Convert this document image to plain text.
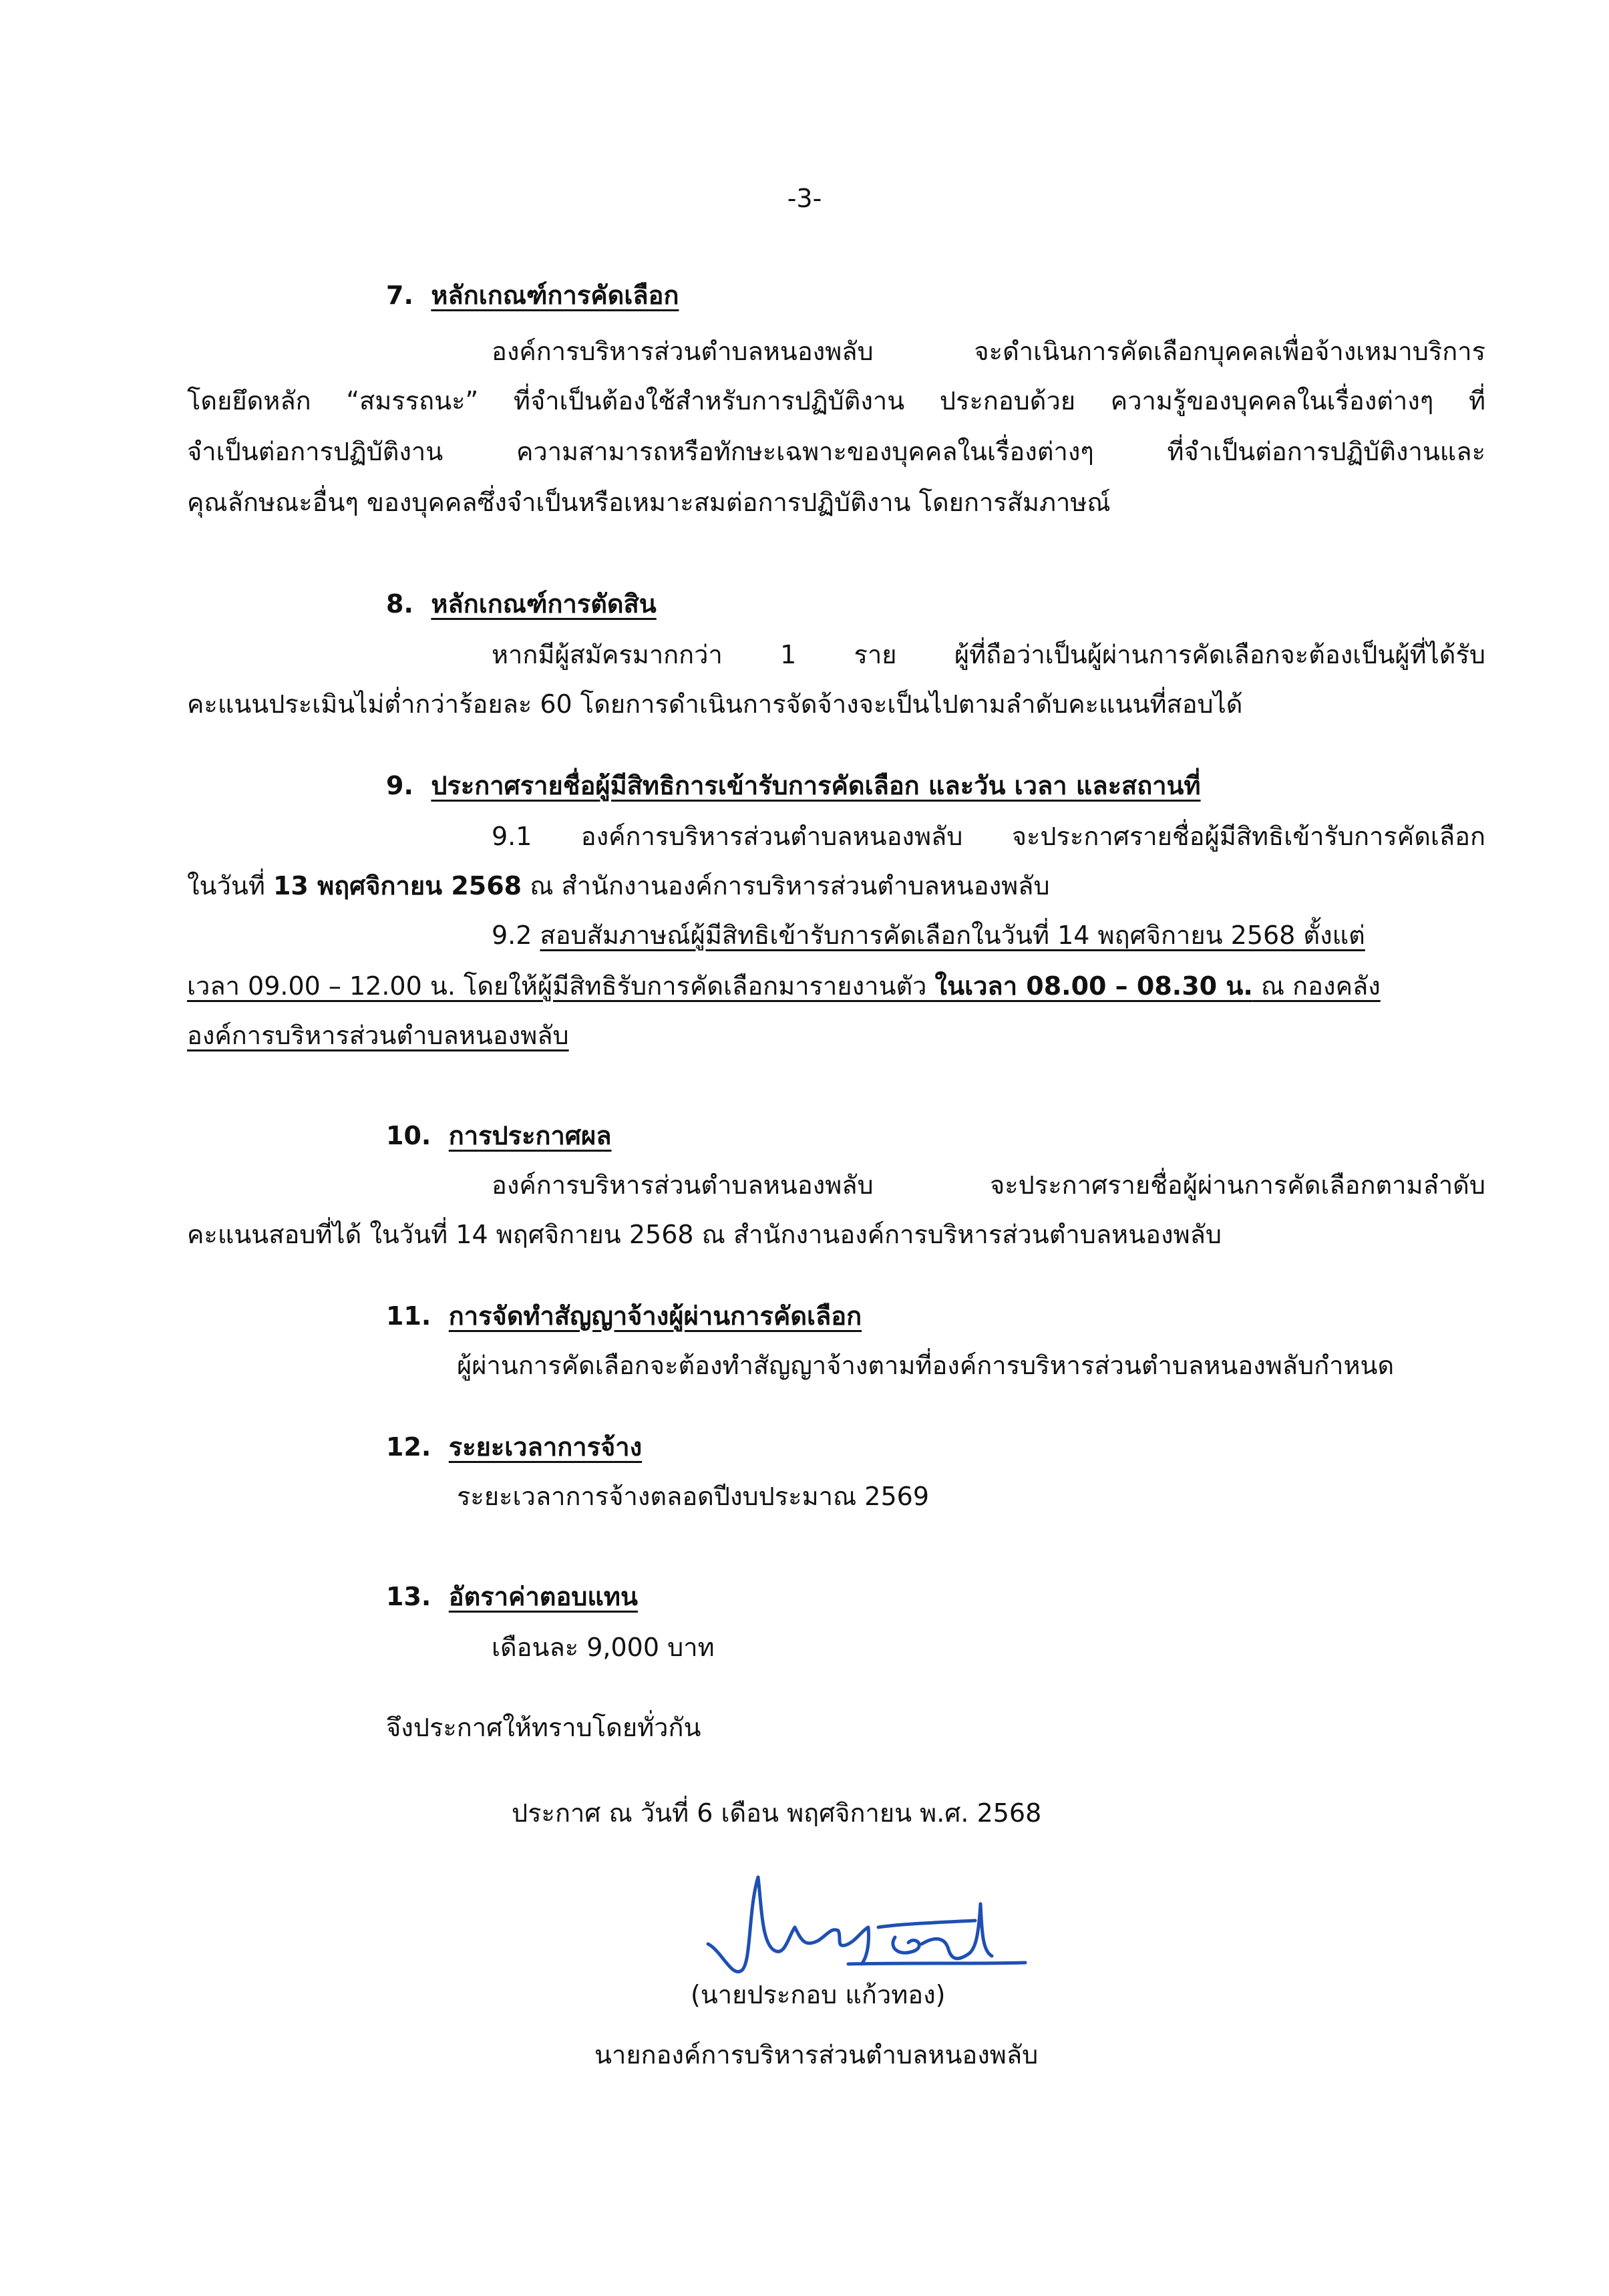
-3-
7. หลักเกณฑ์การคัดเลือก
องค์การบริหารส่วนตำบลหนองพลับ จะดำเนินการคัดเลือกบุคคลเพื่อจ้างเหมาบริการ
โดยยึดหลัก “สมรรถนะ” ที่จำเป็นต้องใช้สำหรับการปฏิบัติงาน ประกอบด้วย ความรู้ของบุคคลในเรื่องต่างๆ ที่
จำเป็นต่อการปฏิบัติงาน ความสามารถหรือทักษะเฉพาะของบุคคลในเรื่องต่างๆ ที่จำเป็นต่อการปฏิบัติงานและ
คุณลักษณะอื่นๆ ของบุคคลซึ่งจำเป็นหรือเหมาะสมต่อการปฏิบัติงาน โดยการสัมภาษณ์
8. หลักเกณฑ์การตัดสิน
หากมีผู้สมัครมากกว่า 1 ราย ผู้ที่ถือว่าเป็นผู้ผ่านการคัดเลือกจะต้องเป็นผู้ที่ได้รับ
คะแนนประเมินไม่ต่ำกว่าร้อยละ 60 โดยการดำเนินการจัดจ้างจะเป็นไปตามลำดับคะแนนที่สอบได้
9. ประกาศรายชื่อผู้มีสิทธิการเข้ารับการคัดเลือก และวัน เวลา และสถานที่
9.1 องค์การบริหารส่วนตำบลหนองพลับ จะประกาศรายชื่อผู้มีสิทธิเข้ารับการคัดเลือก
ในวันที่ 13 พฤศจิกายน 2568 ณ สำนักงานองค์การบริหารส่วนตำบลหนองพลับ
9.2 สอบสัมภาษณ์ผู้มีสิทธิเข้ารับการคัดเลือกในวันที่ 14 พฤศจิกายน 2568 ตั้งแต่
เวลา 09.00 – 12.00 น. โดยให้ผู้มีสิทธิรับการคัดเลือกมารายงานตัว ในเวลา 08.00 – 08.30 น. ณ กองคลัง
องค์การบริหารส่วนตำบลหนองพลับ
10. การประกาศผล
องค์การบริหารส่วนตำบลหนองพลับ จะประกาศรายชื่อผู้ผ่านการคัดเลือกตามลำดับ
คะแนนสอบที่ได้ ในวันที่ 14 พฤศจิกายน 2568 ณ สำนักงานองค์การบริหารส่วนตำบลหนองพลับ
11. การจัดทำสัญญาจ้างผู้ผ่านการคัดเลือก
ผู้ผ่านการคัดเลือกจะต้องทำสัญญาจ้างตามที่องค์การบริหารส่วนตำบลหนองพลับกำหนด
12. ระยะเวลาการจ้าง
ระยะเวลาการจ้างตลอดปีงบประมาณ 2569
13. อัตราค่าตอบแทน
เดือนละ 9,000 บาท
จึงประกาศให้ทราบโดยทั่วกัน
ประกาศ ณ วันที่ 6 เดือน พฤศจิกายน พ.ศ. 2568
(นายประกอบ แก้วทอง)
นายกองค์การบริหารส่วนตำบลหนองพลับ
